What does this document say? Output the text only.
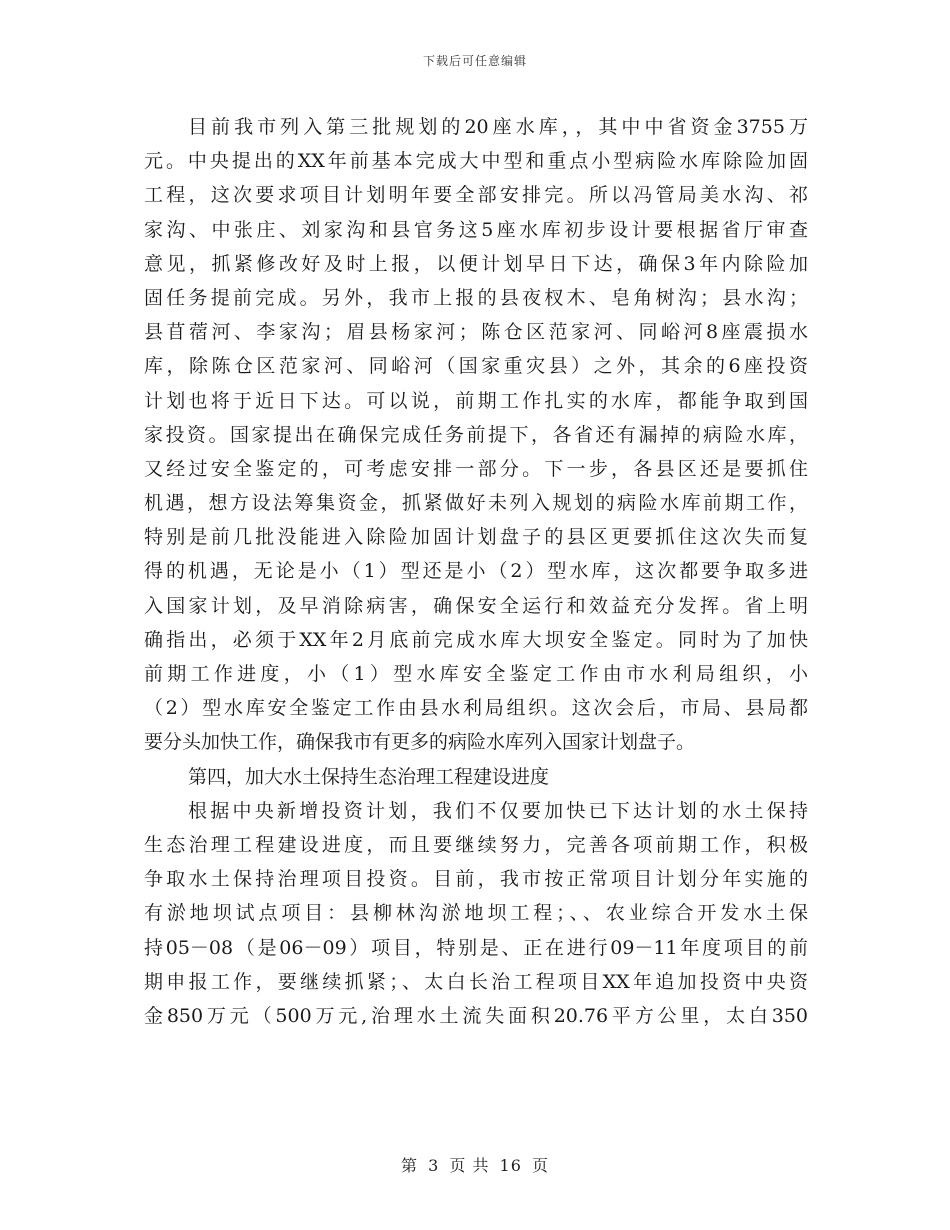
下载后可任意编辑
目前我市列入第三批规划的20座水库，，其中中省资金3755万
元。中央提出的XX年前基本完成大中型和重点小型病险水库除险加固
工程，这次要求项目计划明年要全部安排完。所以冯管局美水沟、祁
家沟、中张庄、刘家沟和县官务这5座水库初步设计要根据省厅审查
意见，抓紧修改好及时上报，以便计划早日下达，确保3年内除险加
固任务提前完成。另外，我市上报的县夜杈木、皂角树沟；县水沟；
县苜蓿河、李家沟；眉县杨家河；陈仓区范家河、同峪河8座震损水
库，除陈仓区范家河、同峪河（国家重灾县）之外，其余的6座投资
计划也将于近日下达。可以说，前期工作扎实的水库，都能争取到国
家投资。国家提出在确保完成任务前提下，各省还有漏掉的病险水库，
又经过安全鉴定的，可考虑安排一部分。下一步，各县区还是要抓住
机遇，想方设法筹集资金，抓紧做好未列入规划的病险水库前期工作，
特别是前几批没能进入除险加固计划盘子的县区更要抓住这次失而复
得的机遇，无论是小（1）型还是小（2）型水库，这次都要争取多进
入国家计划，及早消除病害，确保安全运行和效益充分发挥。省上明
确指出，必须于XX年2月底前完成水库大坝安全鉴定。同时为了加快
前期工作进度，小（1）型水库安全鉴定工作由市水利局组织，小
（2）型水库安全鉴定工作由县水利局组织。这次会后，市局、县局都
要分头加快工作，确保我市有更多的病险水库列入国家计划盘子。
第四，加大水土保持生态治理工程建设进度
根据中央新增投资计划，我们不仅要加快已下达计划的水土保持
生态治理工程建设进度，而且要继续努力，完善各项前期工作，积极
争取水土保持治理项目投资。目前，我市按正常项目计划分年实施的
有淤地坝试点项目：县柳林沟淤地坝工程；、、农业综合开发水土保
持05－08（是06－09）项目，特别是、正在进行09－11年度项目的前
期申报工作，要继续抓紧；、太白长治工程项目XX年追加投资中央资
金850万元（500万元,治理水土流失面积20.76平方公里，太白350
第 3 页 共 16 页
